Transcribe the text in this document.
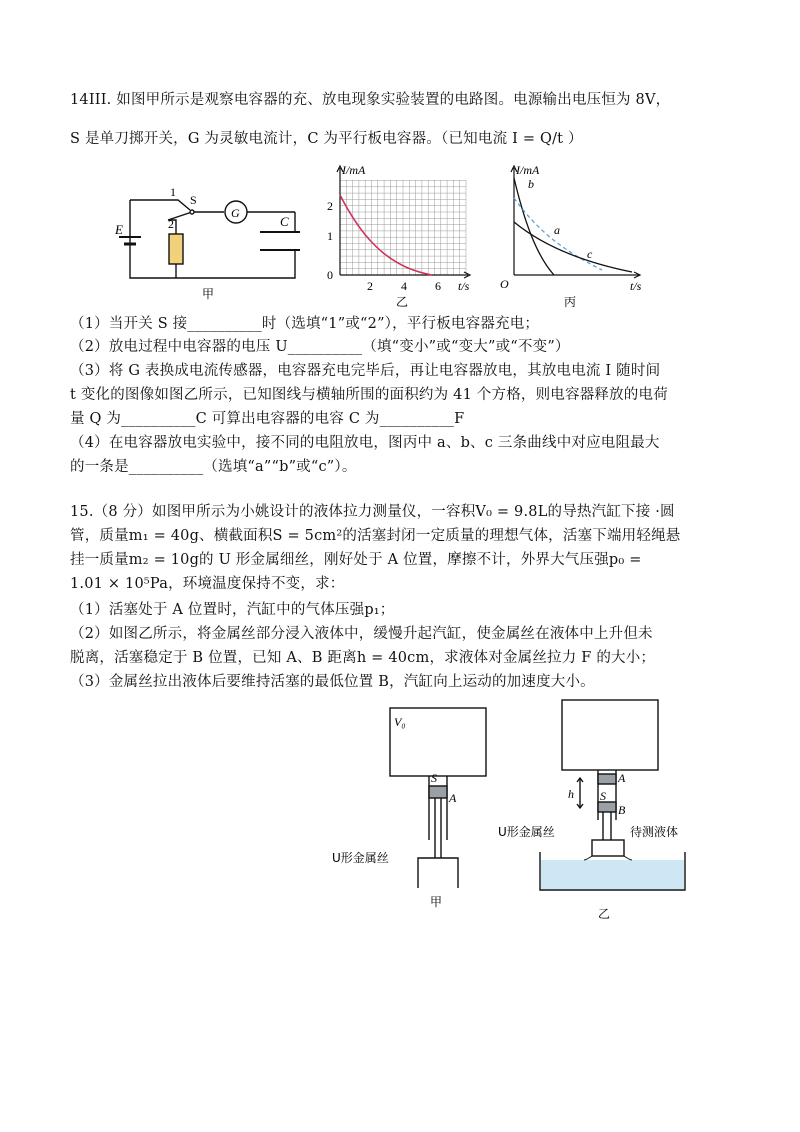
14III. 如图甲所示是观察电容器的充、放电现象实验装置的电路图。电源输出电压恒为 8V，
S 是单刀掷开关，G 为灵敏电流计，C 为平行板电容器。（已知电流 I = Q/t ）
E
1
2
S
G
C
甲
I/mA
t/s
0
1
2
2 4 6
乙
I/mA
t/s
O
b
a
c
丙
（1）当开关 S 接__________时（选填“1”或“2”），平行板电容器充电；
（2）放电过程中电容器的电压 U__________（填“变小”或“变大”或“不变”）
（3）将 G 表换成电流传感器，电容器充电完毕后，再让电容器放电，其放电电流 I 随时间
t 变化的图像如图乙所示，已知图线与横轴所围的面积约为 41 个方格，则电容器释放的电荷
量 Q 为__________C 可算出电容器的电容 C 为__________F
（4）在电容器放电实验中，接不同的电阻放电，图丙中 a、b、c 三条曲线中对应电阻最大
的一条是__________（选填“a”“b”或“c”）。
15.（8 分）如图甲所示为小姚设计的液体拉力测量仪，一容积V₀ = 9.8L的导热汽缸下接 ·圆
管，质量m₁ = 40g、横截面积S = 5cm²的活塞封闭一定质量的理想气体，活塞下端用轻绳悬
挂一质量m₂ = 10g的 U 形金属细丝，刚好处于 A 位置，摩擦不计，外界大气压强p₀ =
1.01 × 10⁵Pa，环境温度保持不变，求：
（1）活塞处于 A 位置时，汽缸中的气体压强p₁；
（2）如图乙所示，将金属丝部分浸入液体中，缓慢升起汽缸，使金属丝在液体中上升但未
脱离，活塞稳定于 B 位置，已知 A、B 距离h = 40cm，求液体对金属丝拉力 F 的大小；
（3）金属丝拉出液体后要维持活塞的最低位置 B，汽缸向上运动的加速度大小。
V₀
S
A
U形金属丝
甲
A
h S
B
U形金属丝	待测液体
乙
